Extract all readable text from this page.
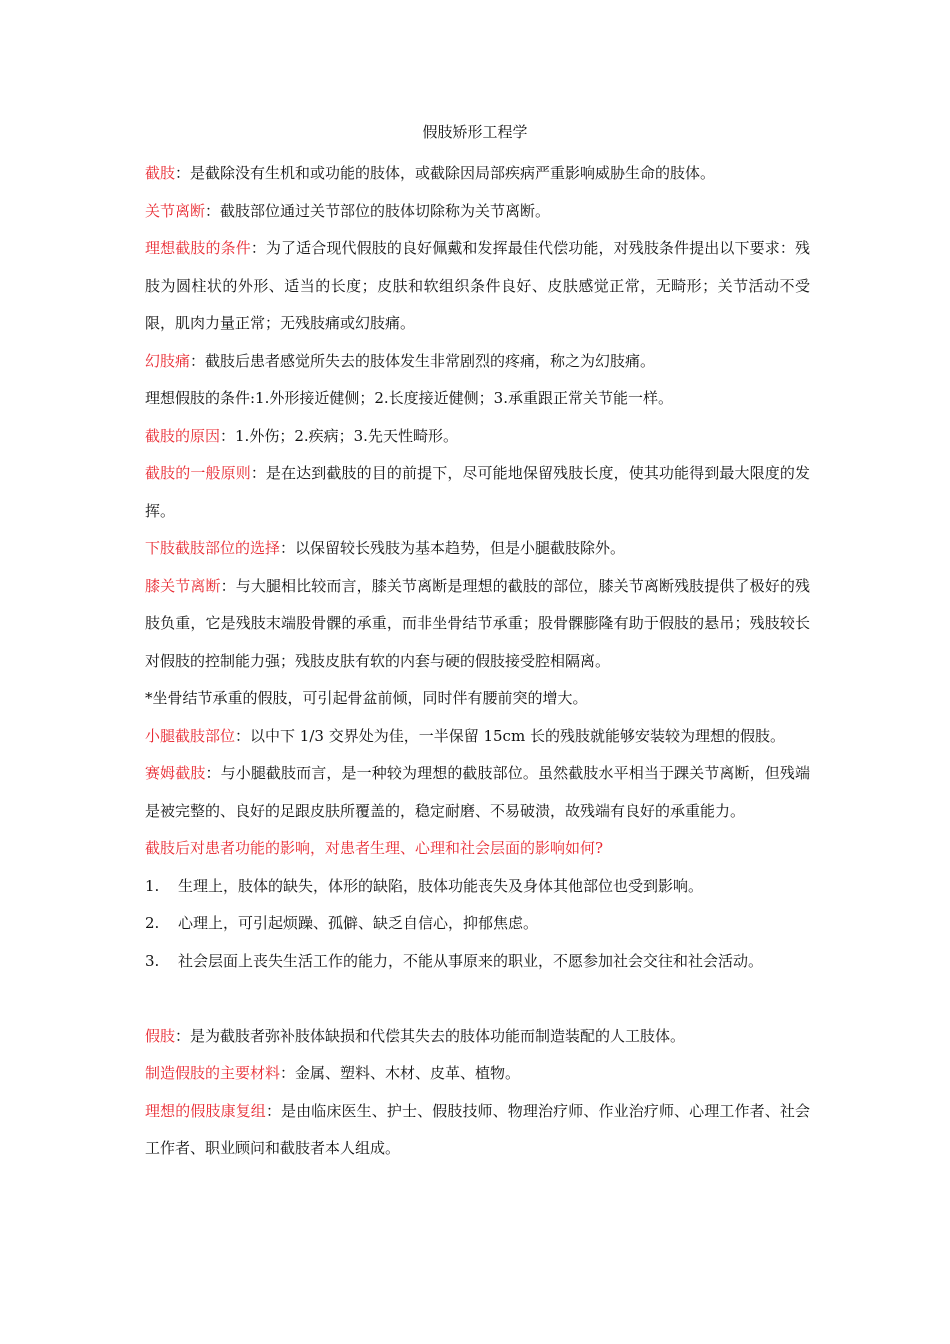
假肢矫形工程学

截肢：是截除没有生机和或功能的肢体，或截除因局部疾病严重影响威胁生命的肢体。

关节离断：截肢部位通过关节部位的肢体切除称为关节离断。

理想截肢的条件：为了适合现代假肢的良好佩戴和发挥最佳代偿功能，对残肢条件提出以下要求：残肢为圆柱状的外形、适当的长度；皮肤和软组织条件良好、皮肤感觉正常，无畸形；关节活动不受限，肌肉力量正常；无残肢痛或幻肢痛。

幻肢痛：截肢后患者感觉所失去的肢体发生非常剧烈的疼痛，称之为幻肢痛。

理想假肢的条件:1.外形接近健侧；2.长度接近健侧；3.承重跟正常关节能一样。

截肢的原因：1.外伤；2.疾病；3.先天性畸形。

截肢的一般原则：是在达到截肢的目的前提下，尽可能地保留残肢长度，使其功能得到最大限度的发挥。

下肢截肢部位的选择：以保留较长残肢为基本趋势，但是小腿截肢除外。

膝关节离断：与大腿相比较而言，膝关节离断是理想的截肢的部位，膝关节离断残肢提供了极好的残肢负重，它是残肢末端股骨髁的承重，而非坐骨结节承重；股骨髁膨隆有助于假肢的悬吊；残肢较长对假肢的控制能力强；残肢皮肤有软的内套与硬的假肢接受腔相隔离。

*坐骨结节承重的假肢，可引起骨盆前倾，同时伴有腰前突的增大。

小腿截肢部位：以中下 1/3 交界处为佳，一半保留 15cm 长的残肢就能够安装较为理想的假肢。

赛姆截肢：与小腿截肢而言，是一种较为理想的截肢部位。虽然截肢水平相当于踝关节离断，但残端是被完整的、良好的足跟皮肤所覆盖的，稳定耐磨、不易破溃，故残端有良好的承重能力。

截肢后对患者功能的影响，对患者生理、心理和社会层面的影响如何?

1. 生理上，肢体的缺失，体形的缺陷，肢体功能丧失及身体其他部位也受到影响。

2. 心理上，可引起烦躁、孤僻、缺乏自信心，抑郁焦虑。

3. 社会层面上丧失生活工作的能力，不能从事原来的职业，不愿参加社会交往和社会活动。

假肢：是为截肢者弥补肢体缺损和代偿其失去的肢体功能而制造装配的人工肢体。

制造假肢的主要材料：金属、塑料、木材、皮革、植物。

理想的假肢康复组：是由临床医生、护士、假肢技师、物理治疗师、作业治疗师、心理工作者、社会工作者、职业顾问和截肢者本人组成。
